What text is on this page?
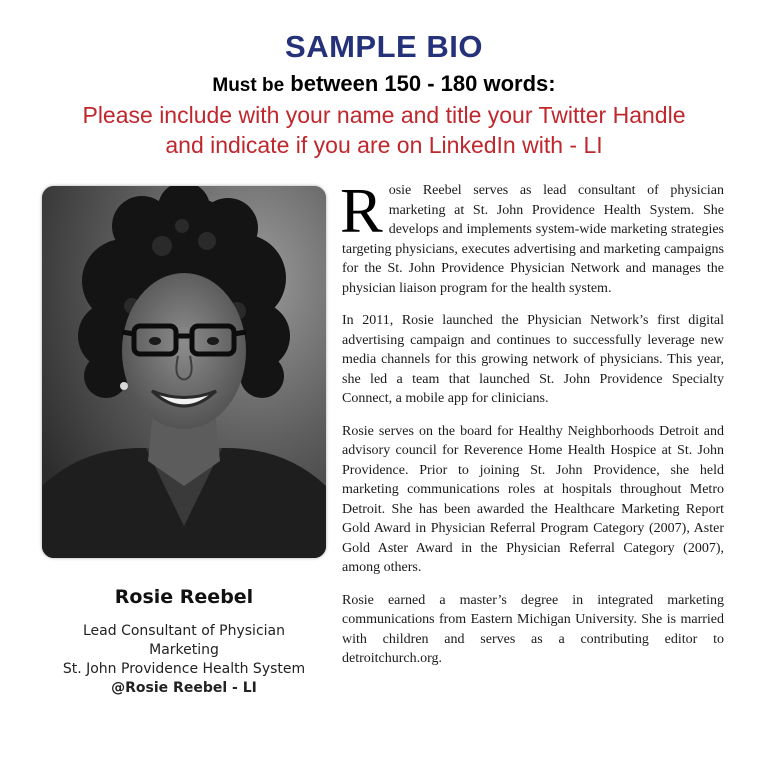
SAMPLE BIO
Must be between 150 - 180 words:
Please include with your name and title your Twitter Handle
and indicate if you are on LinkedIn with - LI
Rosie Reebel
Lead Consultant of Physician Marketing
St. John Providence Health System
@Rosie Reebel - LI

Rosie Reebel serves as lead consultant of physician marketing at St. John Providence Health System. She develops and implements system-wide marketing strategies targeting physicians, executes advertising and marketing campaigns for the St. John Providence Physician Network and manages the physician liaison program for the health system.

In 2011, Rosie launched the Physician Network’s first digital advertising campaign and continues to successfully leverage new media channels for this growing network of physicians. This year, she led a team that launched St. John Providence Specialty Connect, a mobile app for clinicians.

Rosie serves on the board for Healthy Neighborhoods Detroit and advisory council for Reverence Home Health Hospice at St. John Providence. Prior to joining St. John Providence, she held marketing communications roles at hospitals throughout Metro Detroit. She has been awarded the Healthcare Marketing Report Gold Award in Physician Referral Program Category (2007), Aster Gold Aster Award in the Physician Referral Category (2007), among others.

Rosie earned a master’s degree in integrated marketing communications from Eastern Michigan University. She is married with children and serves as a contributing editor to detroitchurch.org.
